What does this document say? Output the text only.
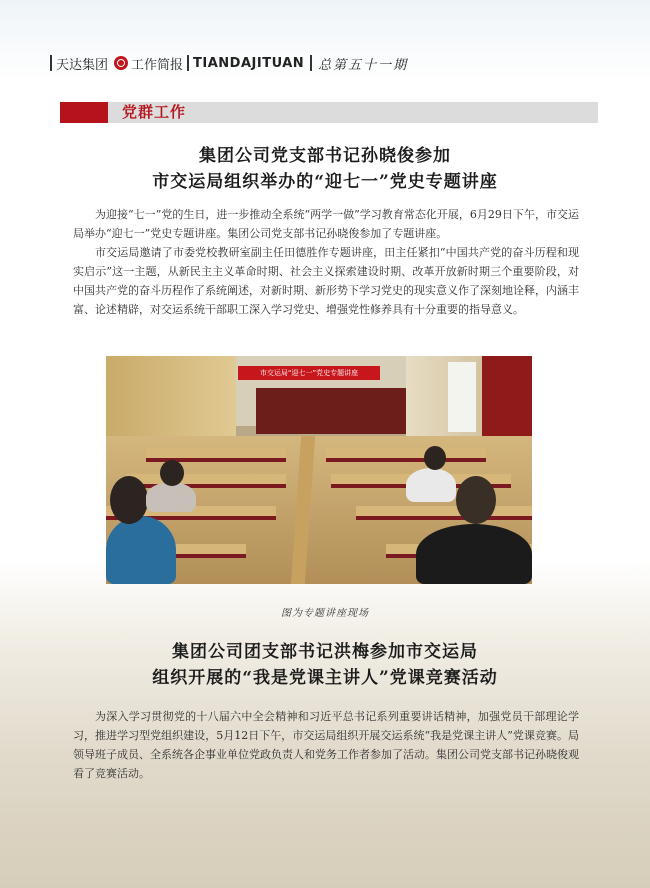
天达集团 工作简报 TIANDAJITUAN 总第五十一期
党群工作
集团公司党支部书记孙晓俊参加
市交运局组织举办的“迎七一”党史专题讲座

为迎接“七一”党的生日，进一步推动全系统“两学一做”学习教育常态化开展，6月29日下午，市交运局举办“迎七一”党史专题讲座。集团公司党支部书记孙晓俊参加了专题讲座。

市交运局邀请了市委党校教研室副主任田德胜作专题讲座，田主任紧扣“中国共产党的奋斗历程和现实启示”这一主题，从新民主主义革命时期、社会主义探索建设时期、改革开放新时期三个重要阶段，对中国共产党的奋斗历程作了系统阐述，对新时期、新形势下学习党史的现实意义作了深刻地诠释，内涵丰富、论述精辟，对交运系统干部职工深入学习党史、增强党性修养具有十分重要的指导意义。

市交运局“迎七一”党史专题讲座
图为专题讲座现场
集团公司团支部书记洪梅参加市交运局
组织开展的“我是党课主讲人”党课竞赛活动

为深入学习贯彻党的十八届六中全会精神和习近平总书记系列重要讲话精神，加强党员干部理论学习，推进学习型党组织建设，5月12日下午，市交运局组织开展交运系统“我是党课主讲人”党课竞赛。局领导班子成员、全系统各企事业单位党政负责人和党务工作者参加了活动。集团公司党支部书记孙晓俊观看了竞赛活动。
